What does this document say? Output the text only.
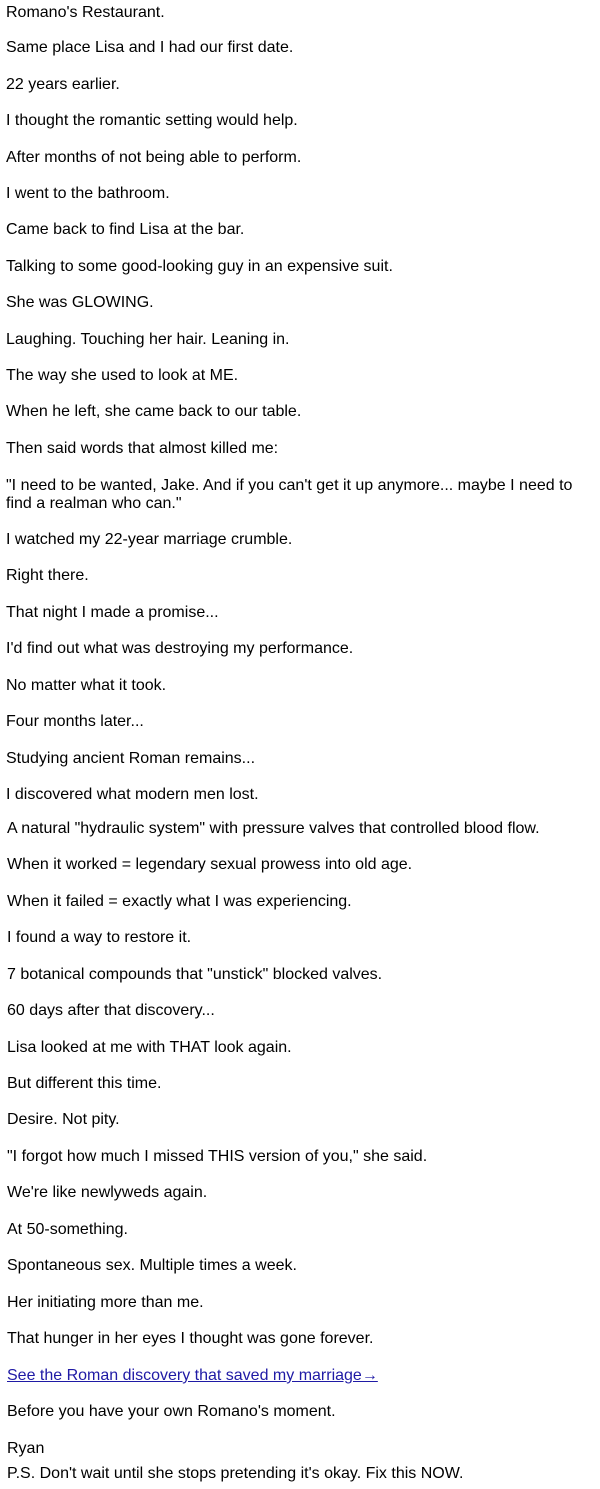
Romano's Restaurant.

Same place Lisa and I had our first date.

22 years earlier.

I thought the romantic setting would help.

After months of not being able to perform.

I went to the bathroom.

Came back to find Lisa at the bar.

Talking to some good-looking guy in an expensive suit.

She was GLOWING.

Laughing. Touching her hair. Leaning in.

The way she used to look at ME.

When he left, she came back to our table.

Then said words that almost killed me:

"I need to be wanted, Jake. And if you can't get it up anymore... maybe I need to find a realman who can."

I watched my 22-year marriage crumble.

Right there.

That night I made a promise...

I'd find out what was destroying my performance.

No matter what it took.

Four months later...

Studying ancient Roman remains...

I discovered what modern men lost.

A natural "hydraulic system" with pressure valves that controlled blood flow.

When it worked = legendary sexual prowess into old age.

When it failed = exactly what I was experiencing.

I found a way to restore it.

7 botanical compounds that "unstick" blocked valves.

60 days after that discovery...

Lisa looked at me with THAT look again.

But different this time.

Desire. Not pity.

"I forgot how much I missed THIS version of you," she said.

We're like newlyweds again.

At 50-something.

Spontaneous sex. Multiple times a week.

Her initiating more than me.

That hunger in her eyes I thought was gone forever.

See the Roman discovery that saved my marriage→

Before you have your own Romano's moment.

Ryan

P.S. Don't wait until she stops pretending it's okay. Fix this NOW.
